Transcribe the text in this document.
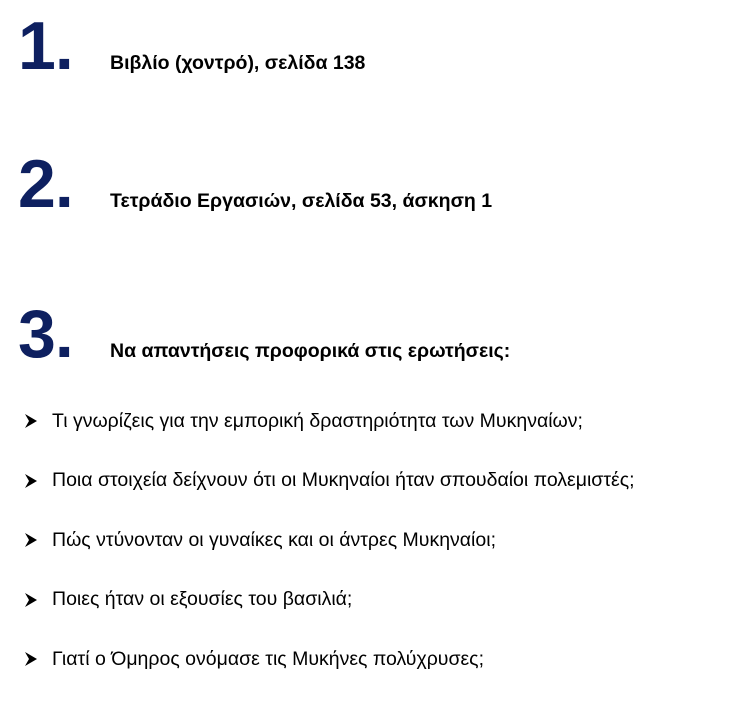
1.	Βιβλίο (χοντρό), σελίδα 138
2.	Τετράδιο Εργασιών, σελίδα 53, άσκηση 1
3.	Να απαντήσεις προφορικά στις ερωτήσεις:
Τι γνωρίζεις για την εμπορική δραστηριότητα των Μυκηναίων;
Ποια στοιχεία δείχνουν ότι οι Μυκηναίοι ήταν σπουδαίοι πολεμιστές;
Πώς ντύνονταν οι γυναίκες και οι άντρες Μυκηναίοι;
Ποιες ήταν οι εξουσίες του βασιλιά;
Γιατί ο Όμηρος ονόμασε τις Μυκήνες πολύχρυσες;
